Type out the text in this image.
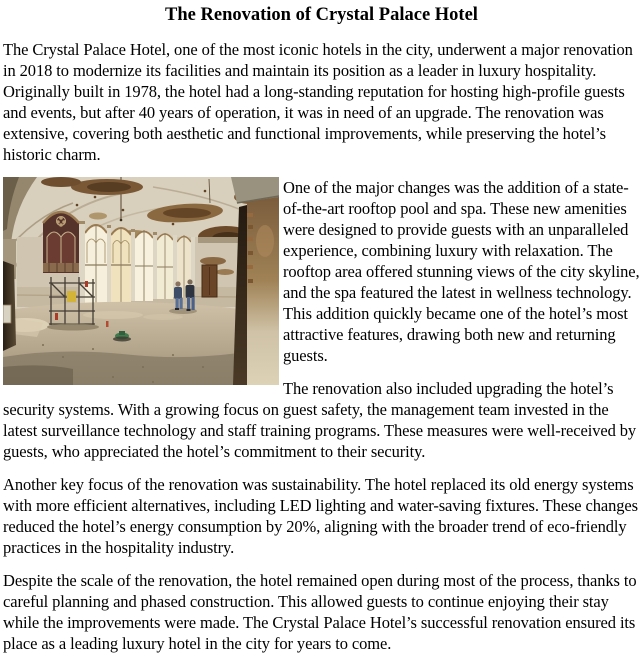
The Renovation of Crystal Palace Hotel

The Crystal Palace Hotel, one of the most iconic hotels in the city, underwent a major renovation in 2018 to modernize its facilities and maintain its position as a leader in luxury hospitality. Originally built in 1978, the hotel had a long-standing reputation for hosting high-profile guests and events, but after 40 years of operation, it was in need of an upgrade. The renovation was extensive, covering both aesthetic and functional improvements, while preserving the hotel’s historic charm.

One of the major changes was the addition of a state-of-the-art rooftop pool and spa. These new amenities were designed to provide guests with an unparalleled experience, combining luxury with relaxation. The rooftop area offered stunning views of the city skyline, and the spa featured the latest in wellness technology. This addition quickly became one of the hotel’s most attractive features, drawing both new and returning guests.

The renovation also included upgrading the hotel’s security systems. With a growing focus on guest safety, the management team invested in the latest surveillance technology and staff training programs. These measures were well-received by guests, who appreciated the hotel’s commitment to their security.

Another key focus of the renovation was sustainability. The hotel replaced its old energy systems with more efficient alternatives, including LED lighting and water-saving fixtures. These changes reduced the hotel’s energy consumption by 20%, aligning with the broader trend of eco-friendly practices in the hospitality industry.

Despite the scale of the renovation, the hotel remained open during most of the process, thanks to careful planning and phased construction. This allowed guests to continue enjoying their stay while the improvements were made. The Crystal Palace Hotel’s successful renovation ensured its place as a leading luxury hotel in the city for years to come.
